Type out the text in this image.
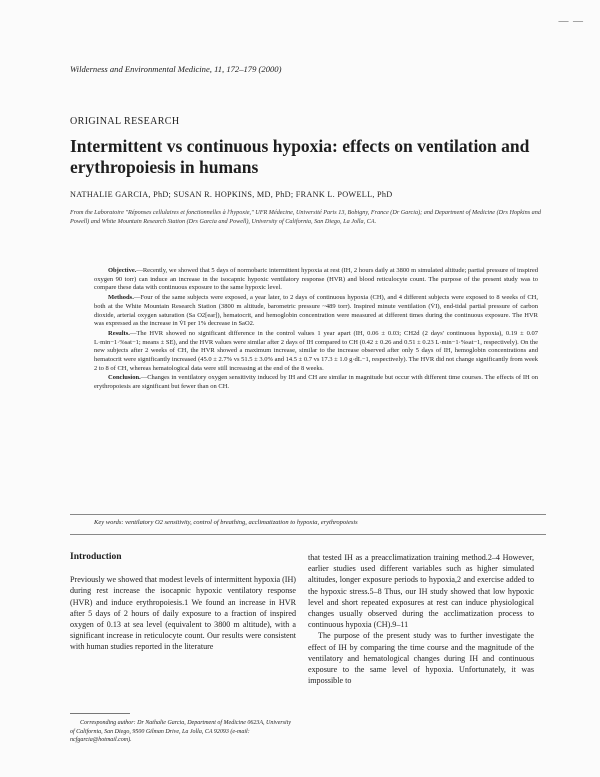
— —
Wilderness and Environmental Medicine, 11, 172–179 (2000)
ORIGINAL RESEARCH
Intermittent vs continuous hypoxia: effects on ventilation and erythropoiesis in humans
NATHALIE GARCIA, PhD; SUSAN R. HOPKINS, MD, PhD; FRANK L. POWELL, PhD
From the Laboratoire "Réponses cellulaires et fonctionnelles à l'hypoxie," UFR Médecine, Université Paris 13, Bobigny, France (Dr Garcia); and Department of Medicine (Drs Hopkins and Powell) and White Mountain Research Station (Drs Garcia and Powell), University of California, San Diego, La Jolla, CA.

Objective.—Recently, we showed that 5 days of normobaric intermittent hypoxia at rest (IH, 2 hours daily at 3800 m simulated altitude; partial pressure of inspired oxygen 90 torr) can induce an increase in the isocapnic hypoxic ventilatory response (HVR) and blood reticulocyte count. The purpose of the present study was to compare these data with continuous exposure to the same hypoxic level.

Methods.—Four of the same subjects were exposed, a year later, to 2 days of continuous hypoxia (CH), and 4 different subjects were exposed to 8 weeks of CH, both at the White Mountain Research Station (3800 m altitude, barometric pressure ~489 torr). Inspired minute ventilation (V̇I), end-tidal partial pressure of carbon dioxide, arterial oxygen saturation (Sa O2[ear]), hematocrit, and hemoglobin concentration were measured at different times during the continuous exposure. The HVR was expressed as the increase in V̇I per 1% decrease in SaO2.

Results.—The HVR showed no significant difference in the control values 1 year apart (IH, 0.06 ± 0.03; CH2d (2 days' continuous hypoxia), 0.19 ± 0.07 L·min−1·%sat−1; means ± SE), and the HVR values were similar after 2 days of IH compared to CH (0.42 ± 0.26 and 0.51 ± 0.23 L·min−1·%sat−1, respectively). On the new subjects after 2 weeks of CH, the HVR showed a maximum increase, similar to the increase observed after only 5 days of IH, hemoglobin concentrations and hematocrit were significantly increased (45.0 ± 2.7% vs 51.5 ± 3.0% and 14.5 ± 0.7 vs 17.3 ± 1.0 g·dL−1, respectively). The HVR did not change significantly from week 2 to 8 of CH, whereas hematological data were still increasing at the end of the 8 weeks.

Conclusion.—Changes in ventilatory oxygen sensitivity induced by IH and CH are similar in magnitude but occur with different time courses. The effects of IH on erythropoiesis are significant but fewer than on CH.

Key words: ventilatory O2 sensitivity, control of breathing, acclimatization to hypoxia, erythropoiesis
Introduction

Previously we showed that modest levels of intermittent hypoxia (IH) during rest increase the isocapnic hypoxic ventilatory response (HVR) and induce erythropoiesis.1 We found an increase in HVR after 5 days of 2 hours of daily exposure to a fraction of inspired oxygen of 0.13 at sea level (equivalent to 3800 m altitude), with a significant increase in reticulocyte count. Our results were consistent with human studies reported in the literature

that tested IH as a preacclimatization training method.2–4 However, earlier studies used different variables such as higher simulated altitudes, longer exposure periods to hypoxia,2 and exercise added to the hypoxic stress.5–8 Thus, our IH study showed that low hypoxic level and short repeated exposures at rest can induce physiological changes usually observed during the acclimatization process to continuous hypoxia (CH).9–11

The purpose of the present study was to further investigate the effect of IH by comparing the time course and the magnitude of the ventilatory and hematological changes during IH and continuous exposure to the same level of hypoxia. Unfortunately, it was impossible to

Corresponding author: Dr Nathalie Garcia, Department of Medicine 0623A, University of California, San Diego, 9500 Gilman Drive, La Jolla, CA 92093 (e-mail: ncfgarcia@hotmail.com).
